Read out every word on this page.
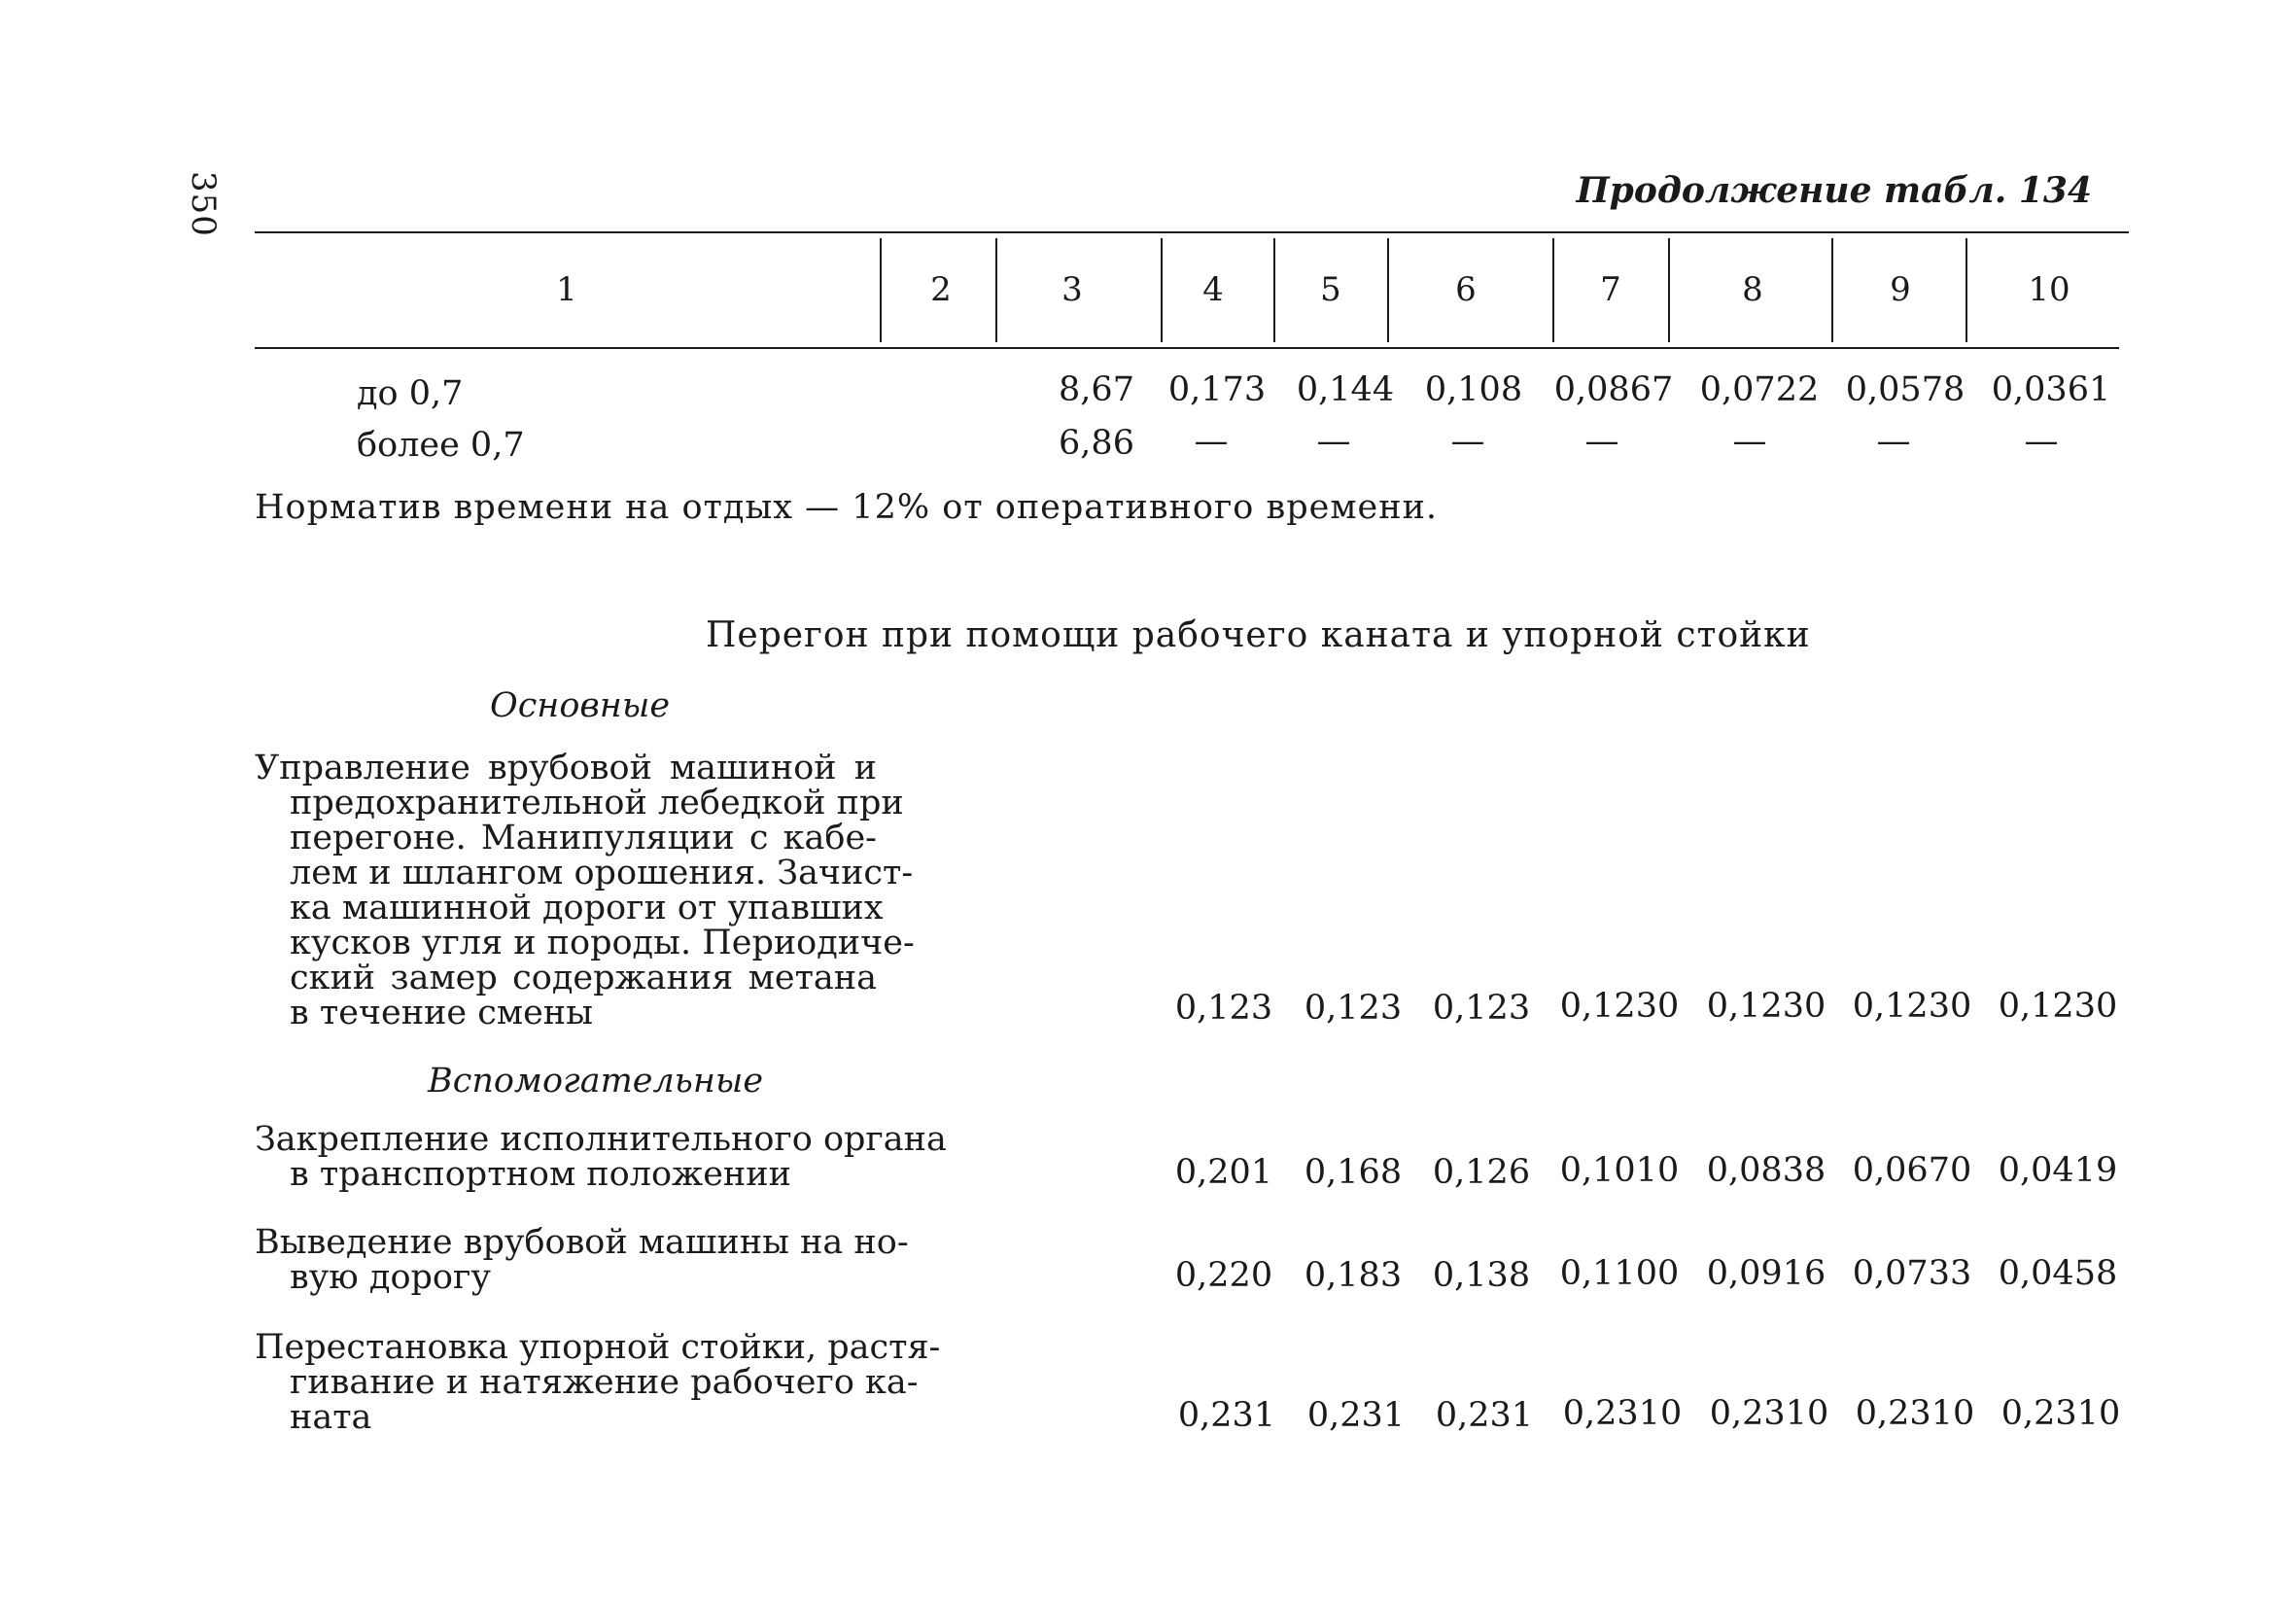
350	Продолжение табл. 134
1	2	3	4	5	6	7	8	9	10
до 0,7	8,67 0,173 0,144 0,108 0,0867 0,0722 0,0578 0,0361
более 0,7	6,86 —	—	—	—	—	—	—
Норматив времени на отдых — 12% от оперативного времени.
Перегон при помощи рабочего каната и упорной стойки
Основные
Управление врубовой машиной и
предохранительной лебедкой при
перегоне. Манипуляции с кабе-
лем и шлангом орошения. Зачист-
ка машинной дороги от упавших
кусков угля и породы. Периодиче-
ский замер содержания метана
в течение смены	0,123 0,123 0,123 0,1230 0,1230 0,1230 0,1230
Вспомогательные
Закрепление исполнительного органа
в транспортном положении	0,201 0,168 0,126 0,1010 0,0838 0,0670 0,0419
Выведение врубовой машины на но-
вую дорогу	0,220 0,183 0,138 0,1100 0,0916 0,0733 0,0458
Перестановка упорной стойки, растя-
гивание и натяжение рабочего ка-
ната	0,231 0,231 0,231 0,2310 0,2310 0,2310 0,2310
